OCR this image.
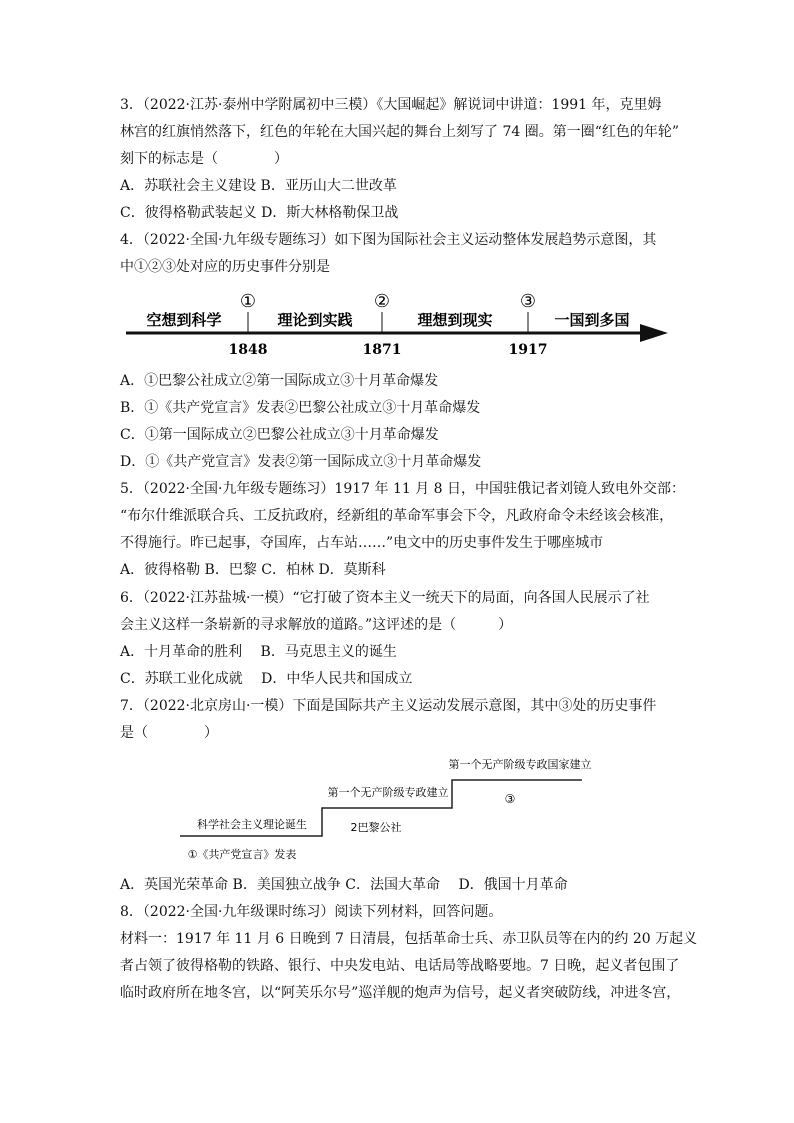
3．（2022·江苏·泰州中学附属初中三模）《大国崛起》解说词中讲道：1991 年，克里姆
林宫的红旗悄然落下，红色的年轮在大国兴起的舞台上刻写了 74 圈。第一圈“红色的年轮”
刻下的标志是（　　　　）
A．苏联社会主义建设 B．亚历山大二世改革
C．彼得格勒武装起义 D．斯大林格勒保卫战
4．（2022·全国·九年级专题练习）如下图为国际社会主义运动整体发展趋势示意图，其
中①②③处对应的历史事件分别是
空想到科学	理论到实践	理想到现实	一国到多国
①	②	③
1848	1871	1917
A．①巴黎公社成立②第一国际成立③十月革命爆发
B．①《共产党宣言》发表②巴黎公社成立③十月革命爆发
C．①第一国际成立②巴黎公社成立③十月革命爆发
D．①《共产党宣言》发表②第一国际成立③十月革命爆发
5．（2022·全国·九年级专题练习）1917 年 11 月 8 日，中国驻俄记者刘镜人致电外交部：
“布尔什维派联合兵、工反抗政府，经新组的革命军事会下令，凡政府命令未经该会核准，
不得施行。昨已起事，夺国库，占车站……”电文中的历史事件发生于哪座城市
A．彼得格勒 B．巴黎 C．柏林 D．莫斯科
6．（2022·江苏盐城·一模）“它打破了资本主义一统天下的局面，向各国人民展示了社
会主义这样一条崭新的寻求解放的道路。”这评述的是（　　　）
A．十月革命的胜利　 B．马克思主义的诞生
C．苏联工业化成就　 D．中华人民共和国成立
7．（2022·北京房山·一模）下面是国际共产主义运动发展示意图，其中③处的历史事件
是（　　　　）
第一个无产阶级专政国家建立
第一个无产阶级专政建立
科学社会主义理论诞生
③
2巴黎公社
①《共产党宣言》发表
A．英国光荣革命 B．美国独立战争 C．法国大革命　 D．俄国十月革命
8．（2022·全国·九年级课时练习）阅读下列材料，回答问题。
材料一：1917 年 11 月 6 日晚到 7 日清晨，包括革命士兵、赤卫队员等在内的约 20 万起义
者占领了彼得格勒的铁路、银行、中央发电站、电话局等战略要地。7 日晚，起义者包围了
临时政府所在地冬宫，以“阿芙乐尔号”巡洋舰的炮声为信号，起义者突破防线，冲进冬宫，
